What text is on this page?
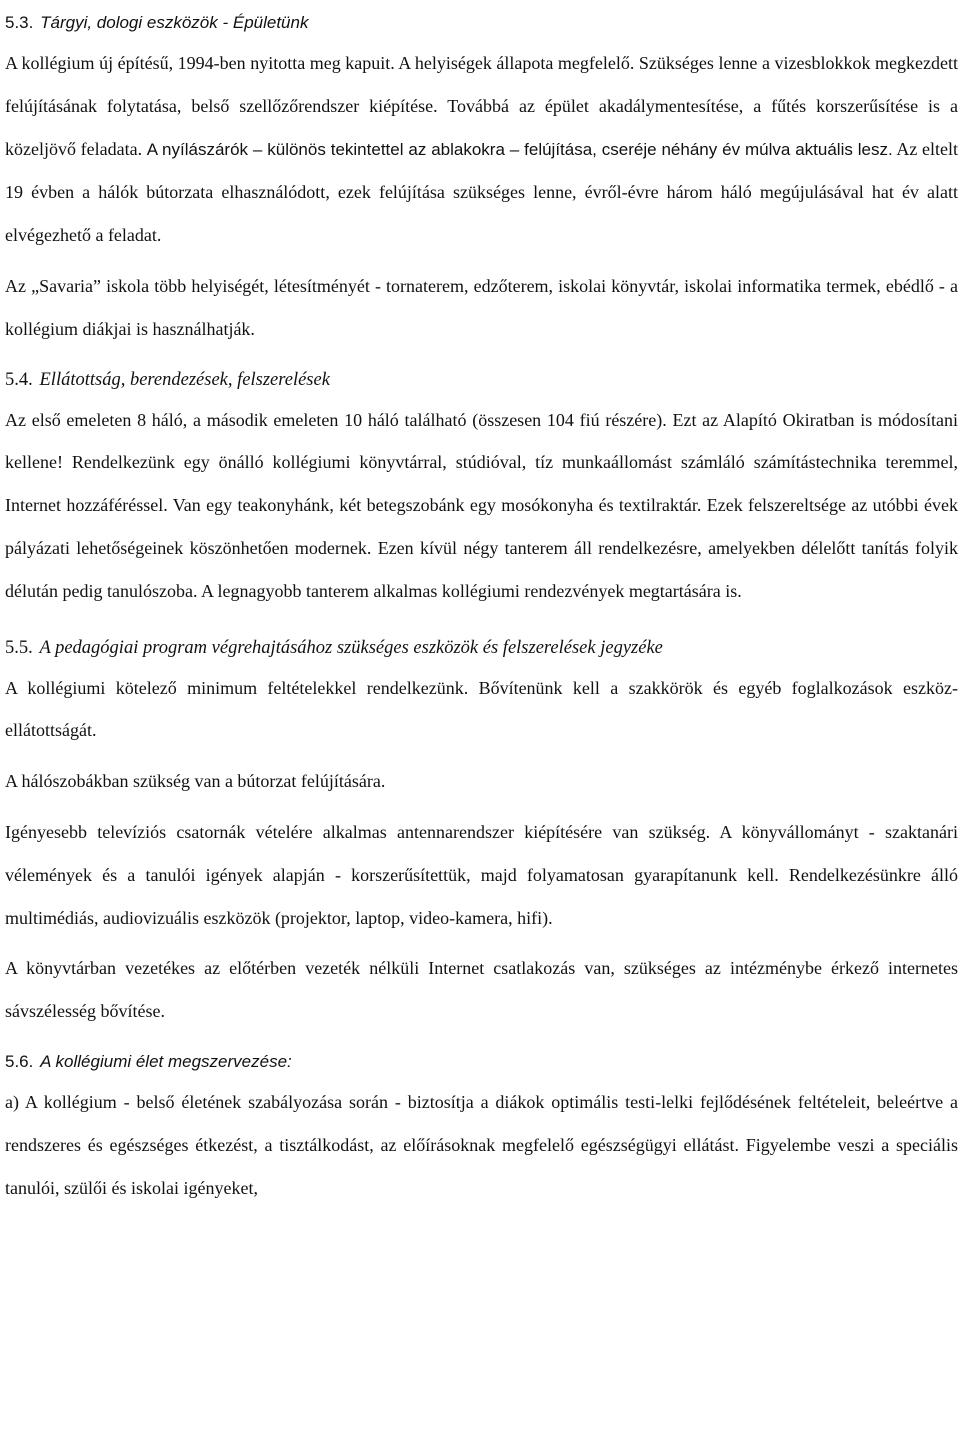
5.3. Tárgyi, dologi eszközök - Épületünk

A kollégium új építésű, 1994-ben nyitotta meg kapuit. A helyiségek állapota megfelelő. Szükséges lenne a vizesblokkok megkezdett felújításának folytatása, belső szellőzőrendszer kiépítése. Továbbá az épület akadálymentesítése, a fűtés korszerűsítése is a közeljövő feladata. A nyílászárók – különös tekintettel az ablakokra – felújítása, cseréje néhány év múlva aktuális lesz. Az eltelt 19 évben a hálók bútorzata elhasználódott, ezek felújítása szükséges lenne, évről-évre három háló megújulásával hat év alatt elvégezhető a feladat.

Az „Savaria” iskola több helyiségét, létesítményét - tornaterem, edzőterem, iskolai könyvtár, iskolai informatika termek, ebédlő - a kollégium diákjai is használhatják.

5.4. Ellátottság, berendezések, felszerelések

Az első emeleten 8 háló, a második emeleten 10 háló található (összesen 104 fiú részére). Ezt az Alapító Okiratban is módosítani kellene! Rendelkezünk egy önálló kollégiumi könyvtárral, stúdióval, tíz munkaállomást számláló számítástechnika teremmel, Internet hozzáféréssel. Van egy teakonyhánk, két betegszobánk egy mosókonyha és textilraktár. Ezek felszereltsége az utóbbi évek pályázati lehetőségeinek köszönhetően modernek. Ezen kívül négy tanterem áll rendelkezésre, amelyekben délelőtt tanítás folyik délután pedig tanulószoba. A legnagyobb tanterem alkalmas kollégiumi rendezvények megtartására is.

5.5. A pedagógiai program végrehajtásához szükséges eszközök és felszerelések jegyzéke

A kollégiumi kötelező minimum feltételekkel rendelkezünk. Bővítenünk kell a szakkörök és egyéb foglalkozások eszköz-ellátottságát.

A hálószobákban szükség van a bútorzat felújítására.

Igényesebb televíziós csatornák vételére alkalmas antennarendszer kiépítésére van szükség. A könyvállományt - szaktanári vélemények és a tanulói igények alapján - korszerűsítettük, majd folyamatosan gyarapítanunk kell. Rendelkezésünkre álló multimédiás, audiovizuális eszközök (projektor, laptop, video-kamera, hifi).

A könyvtárban vezetékes az előtérben vezeték nélküli Internet csatlakozás van, szükséges az intézménybe érkező internetes sávszélesség bővítése.

5.6. A kollégiumi élet megszervezése:

a) A kollégium - belső életének szabályozása során - biztosítja a diákok optimális testi-lelki fejlődésének feltételeit, beleértve a rendszeres és egészséges étkezést, a tisztálkodást, az előírásoknak megfelelő egészségügyi ellátást. Figyelembe veszi a speciális tanulói, szülői és iskolai igényeket,
